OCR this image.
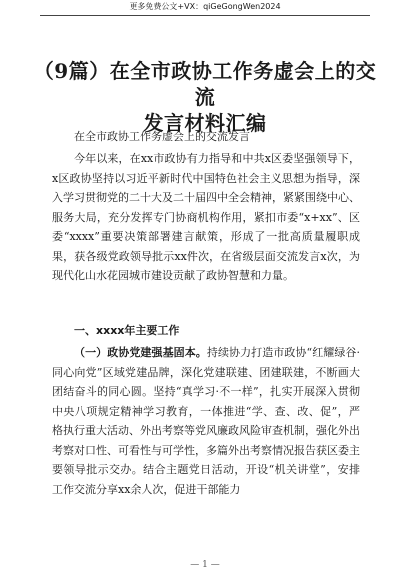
更多免费公文+VX：qiGeGongWen2024
（9篇）在全市政协工作务虚会上的交流
发言材料汇编
在全市政协工作务虚会上的交流发言
今年以来，在xx市政协有力指导和中共x区委坚强领导下，x区政协坚持以习近平新时代中国特色社会主义思想为指导，深入学习贯彻党的二十大及二十届四中全会精神，紧紧围绕中心、服务大局，充分发挥专门协商机构作用，紧扣市委“x+xx”、区委“xxxx”重要决策部署建言献策，形成了一批高质量履职成果，获各级党政领导批示xx件次，在省级层面交流发言x次，为现代化山水花园城市建设贡献了政协智慧和力量。
一、xxxx年主要工作
（一）政协党建强基固本。持续协力打造市政协“红耀绿谷·同心向党”区域党建品牌，深化党建联建、团建联建，不断画大团结奋斗的同心圆。坚持“真学习·不一样”，扎实开展深入贯彻中央八项规定精神学习教育，一体推进“学、查、改、促”，严格执行重大活动、外出考察等党风廉政风险审查机制，强化外出考察对口性、可看性与可学性，多篇外出考察情况报告获区委主要领导批示交办。结合主题党日活动，开设“机关讲堂”，安排工作交流分享xx余人次，促进干部能力
— 1 —
